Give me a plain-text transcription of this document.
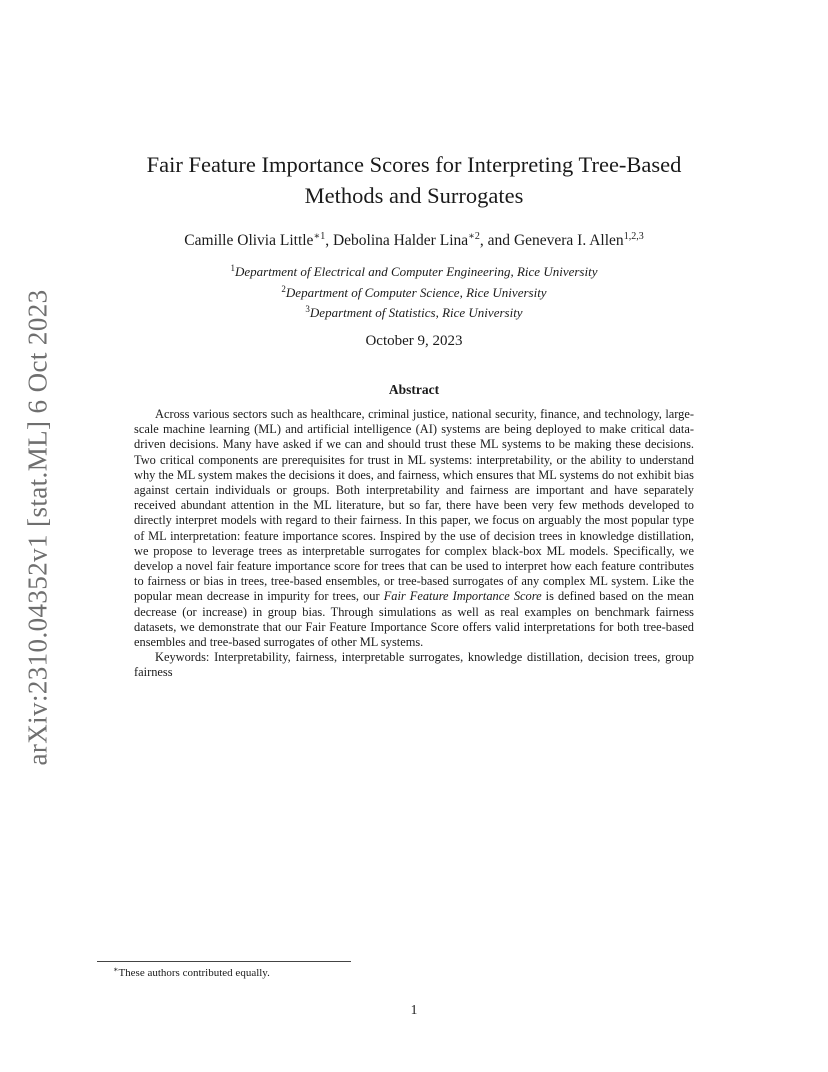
arXiv:2310.04352v1 [stat.ML] 6 Oct 2023
Fair Feature Importance Scores for Interpreting Tree-Based
Methods and Surrogates
Camille Olivia Little$^{∗1}$, Debolina Halder Lina$^{∗2}$, and Genevera I. Allen$^{1,2,3}$
$^1$Department of Electrical and Computer Engineering, Rice University
$^2$Department of Computer Science, Rice University
$^3$Department of Statistics, Rice University
October 9, 2023
Abstract

Across various sectors such as healthcare, criminal justice, national security, finance, and technology, large-scale machine learning (ML) and artificial intelligence (AI) systems are being deployed to make critical data-driven decisions. Many have asked if we can and should trust these ML systems to be making these decisions. Two critical components are prerequisites for trust in ML systems: interpretability, or the ability to understand why the ML system makes the decisions it does, and fairness, which ensures that ML systems do not exhibit bias against certain individuals or groups. Both interpretability and fairness are important and have separately received abundant attention in the ML literature, but so far, there have been very few methods developed to directly interpret models with regard to their fairness. In this paper, we focus on arguably the most popular type of ML interpretation: feature importance scores. Inspired by the use of decision trees in knowledge distillation, we propose to leverage trees as interpretable surrogates for complex black-box ML models. Specifically, we develop a novel fair feature importance score for trees that can be used to interpret how each feature contributes to fairness or bias in trees, tree-based ensembles, or tree-based surrogates of any complex ML system. Like the popular mean decrease in impurity for trees, our Fair Feature Importance Score is defined based on the mean decrease (or increase) in group bias. Through simulations as well as real examples on benchmark fairness datasets, we demonstrate that our Fair Feature Importance Score offers valid interpretations for both tree-based ensembles and tree-based surrogates of other ML systems.

Keywords: Interpretability, fairness, interpretable surrogates, knowledge distillation, decision trees, group fairness

∗These authors contributed equally.
1
